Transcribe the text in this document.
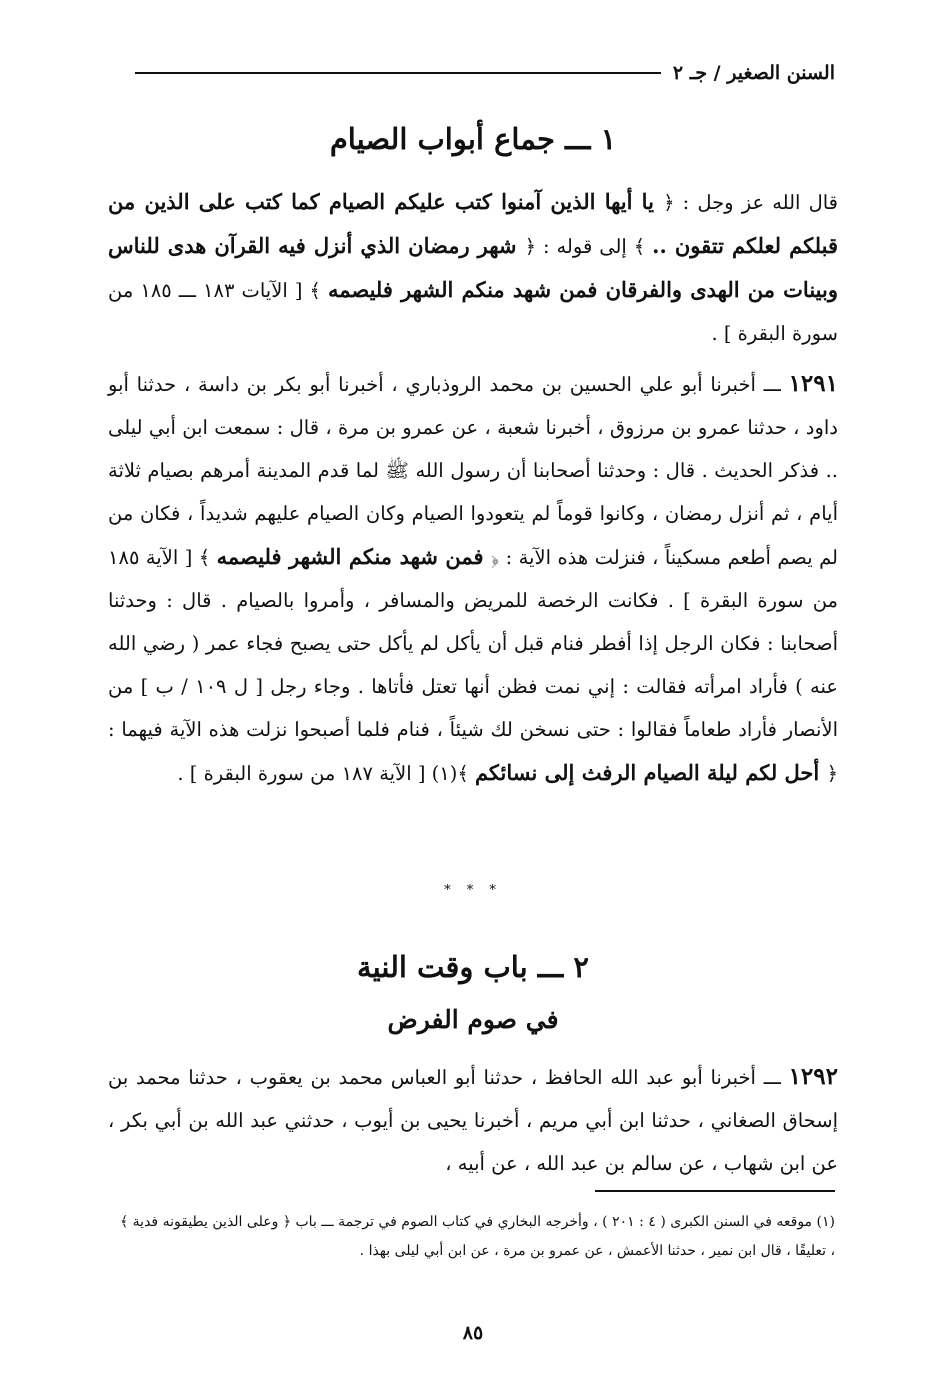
السنن الصغير / جـ ٢
١ ـــ جماع أبواب الصيام

قال الله عز وجل : ﴿ يا أيها الذين آمنوا كتب عليكم الصيام كما كتب على الذين من قبلكم لعلكم تتقون .. ﴾ إلى قوله : ﴿ شهر رمضان الذي أنزل فيه القرآن هدى للناس وبينات من الهدى والفرقان فمن شهد منكم الشهر فليصمه ﴾ [ الآيات ١٨٣ ـــ ١٨٥ من سورة البقرة ] .

١٢٩١ ـــ أخبرنا أبو علي الحسين بن محمد الروذباري ، أخبرنا أبو بكر بن داسة ، حدثنا أبو داود ، حدثنا عمرو بن مرزوق ، أخبرنا شعبة ، عن عمرو بن مرة ، قال : سمعت ابن أبي ليلى .. فذكر الحديث . قال : وحدثنا أصحابنا أن رسول الله ﷺ لما قدم المدينة أمرهم بصيام ثلاثة أيام ، ثم أنزل رمضان ، وكانوا قوماً لم يتعودوا الصيام وكان الصيام عليهم شديداً ، فكان من لم يصم أطعم مسكيناً ، فنزلت هذه الآية : ﴿ فمن شهد منكم الشهر فليصمه ﴾ [ الآية ١٨٥ من سورة البقرة ] . فكانت الرخصة للمريض والمسافر ، وأمروا بالصيام . قال : وحدثنا أصحابنا : فكان الرجل إذا أفطر فنام قبل أن يأكل لم يأكل حتى يصبح فجاء عمر ( رضي الله عنه ) فأراد امرأته فقالت : إني نمت فظن أنها تعتل فأتاها . وجاء رجل [ ل ١٠٩ / ب ] من الأنصار فأراد طعاماً فقالوا : حتى نسخن لك شيئاً ، فنام فلما أصبحوا نزلت هذه الآية فيهما : ﴿ أحل لكم ليلة الصيام الرفث إلى نسائكم ﴾(١) [ الآية ١٨٧ من سورة البقرة ] .

* * *
٢ ـــ باب وقت النية
في صوم الفرض

١٢٩٢ ـــ أخبرنا أبو عبد الله الحافظ ، حدثنا أبو العباس محمد بن يعقوب ، حدثنا محمد بن إسحاق الصغاني ، حدثنا ابن أبي مريم ، أخبرنا يحيى بن أيوب ، حدثني عبد الله بن أبي بكر ، عن ابن شهاب ، عن سالم بن عبد الله ، عن أبيه ،

(١) موقعه في السنن الكبرى ( ٤ : ٢٠١ ) ، وأخرجه البخاري في كتاب الصوم في ترجمة ـــ باب ﴿ وعلى الذين يطيقونه فدية ﴾ ، تعليقًا ، قال ابن نمير ، حدثنا الأعمش ، عن عمرو بن مرة ، عن ابن أبي ليلى بهذا .

٨٥
